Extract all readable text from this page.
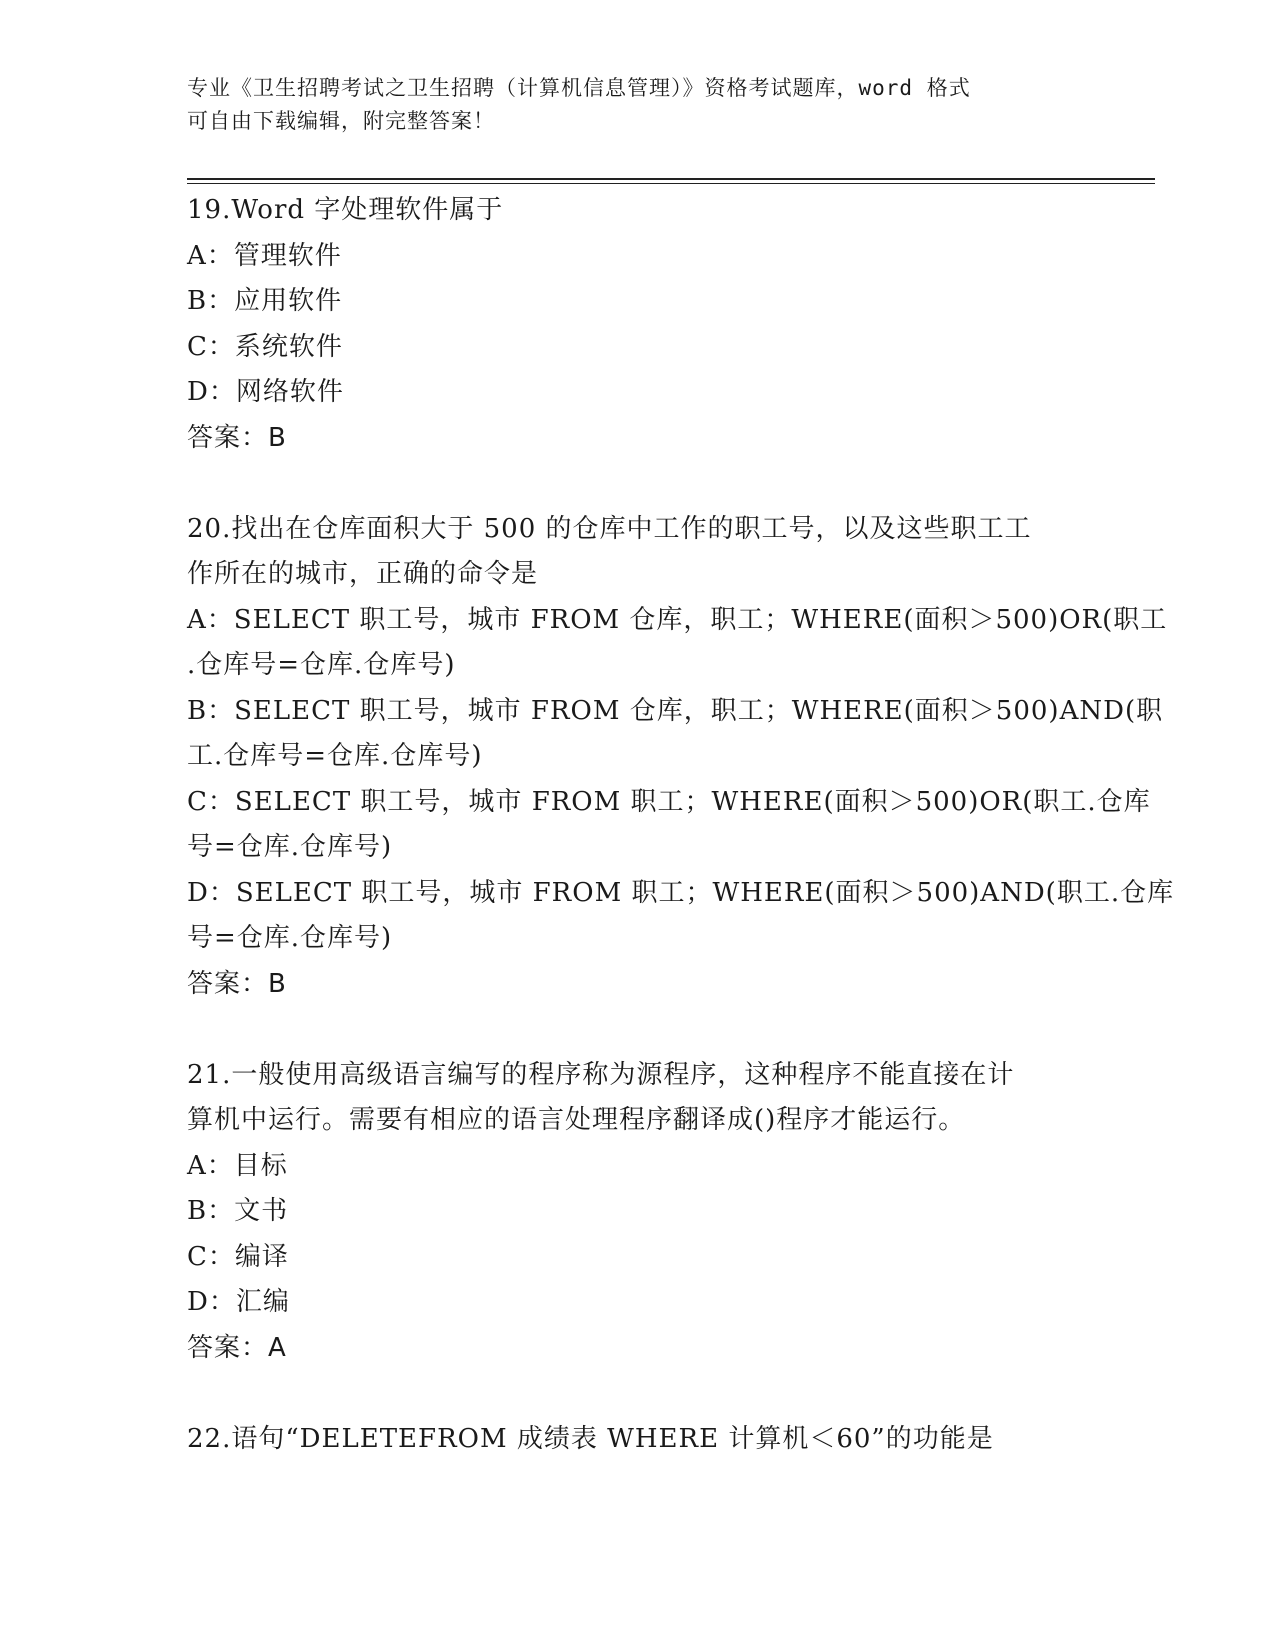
专业《卫生招聘考试之卫生招聘（计算机信息管理）》资格考试题库，word 格式
可自由下载编辑，附完整答案！
19.Word 字处理软件属于
A：管理软件
B：应用软件
C：系统软件
D：网络软件
答案：B
20.找出在仓库面积大于 500 的仓库中工作的职工号，以及这些职工工
作所在的城市，正确的命令是
A：SELECT 职工号，城市 FROM 仓库，职工；WHERE(面积＞500)OR(职工
.仓库号=仓库.仓库号)
B：SELECT 职工号，城市 FROM 仓库，职工；WHERE(面积＞500)AND(职
工.仓库号=仓库.仓库号)
C：SELECT 职工号，城市 FROM 职工；WHERE(面积＞500)OR(职工.仓库
号=仓库.仓库号)
D：SELECT 职工号，城市 FROM 职工；WHERE(面积＞500)AND(职工.仓库
号=仓库.仓库号)
答案：B
21.一般使用高级语言编写的程序称为源程序，这种程序不能直接在计
算机中运行。需要有相应的语言处理程序翻译成()程序才能运行。
A：目标
B：文书
C：编译
D：汇编
答案：A
22.语句“DELETEFROM 成绩表 WHERE 计算机＜60”的功能是
